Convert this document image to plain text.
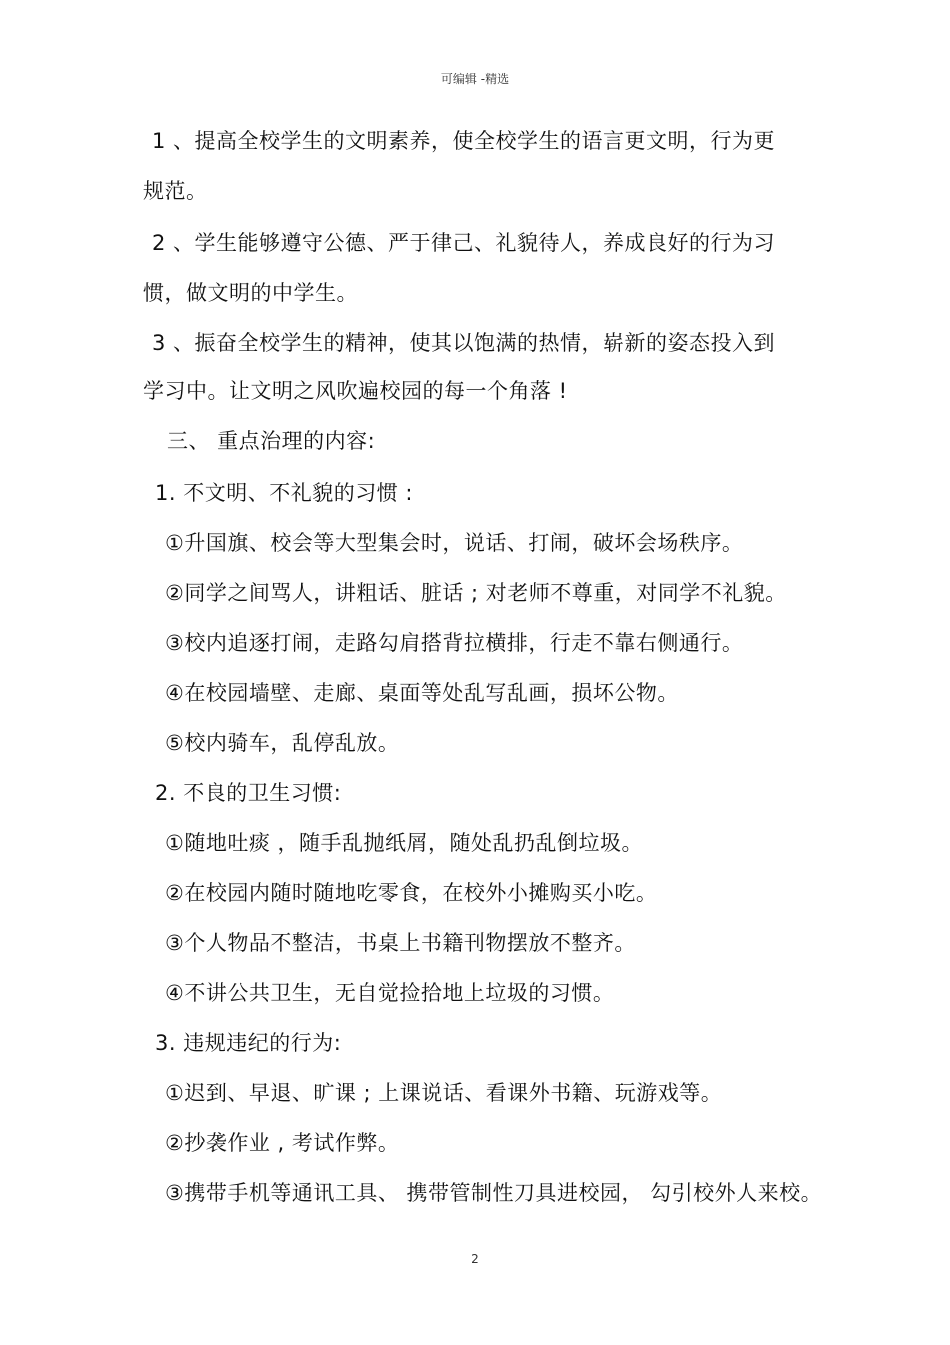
可编辑 -精选
1 、提高全校学生的文明素养，使全校学生的语言更文明，行为更
规范。
2 、学生能够遵守公德、严于律己、礼貌待人，养成良好的行为习
惯，做文明的中学生。
3 、振奋全校学生的精神，使其以饱满的热情，崭新的姿态投入到
学习中。让文明之风吹遍校园的每一个角落 !
三、 重点治理的内容:
1. 不文明、不礼貌的习惯 :
①升国旗、校会等大型集会时，说话、打闹，破坏会场秩序。
②同学之间骂人，讲粗话、脏话 ; 对老师不尊重，对同学不礼貌。
③校内追逐打闹，走路勾肩搭背拉横排，行走不靠右侧通行。
④在校园墙壁、走廊、桌面等处乱写乱画，损坏公物。
⑤校内骑车，乱停乱放。
2. 不良的卫生习惯:
①随地吐痰 ，随手乱抛纸屑，随处乱扔乱倒垃圾。
②在校园内随时随地吃零食，在校外小摊购买小吃。
③个人物品不整洁，书桌上书籍刊物摆放不整齐。
④不讲公共卫生，无自觉捡拾地上垃圾的习惯。
3. 违规违纪的行为:
①迟到、早退、旷课 ; 上课说话、看课外书籍、玩游戏等。
②抄袭作业 , 考试作弊。
③携带手机等通讯工具、 携带管制性刀具进校园， 勾引校外人来校。
2
